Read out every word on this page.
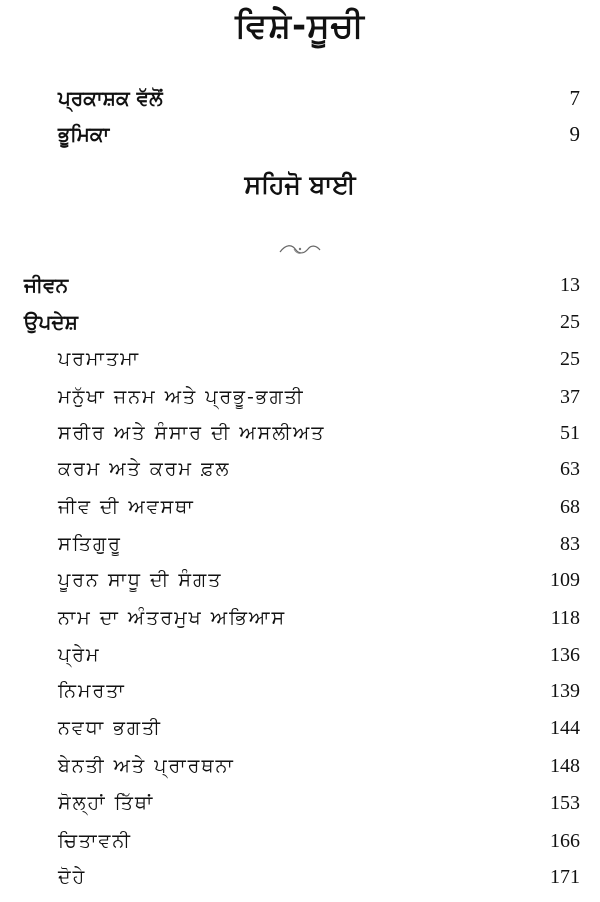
ਵਿਸ਼ੇ-ਸੂਚੀ
ਪ੍ਰਕਾਸ਼ਕ ਵੱਲੋਂ	7
ਭੂਮਿਕਾ	9
ਸਹਿਜੋ ਬਾਈ
ਜੀਵਨ	13
ਉਪਦੇਸ਼	25
ਪਰਮਾਤਮਾ	25
ਮਨੁੱਖਾ ਜਨਮ ਅਤੇ ਪ੍ਰਭੂ-ਭਗਤੀ	37
ਸਰੀਰ ਅਤੇ ਸੰਸਾਰ ਦੀ ਅਸਲੀਅਤ	51
ਕਰਮ ਅਤੇ ਕਰਮ ਫ਼ਲ	63
ਜੀਵ ਦੀ ਅਵਸਥਾ	68
ਸਤਿਗੁਰੂ	83
ਪੂਰਨ ਸਾਧੂ ਦੀ ਸੰਗਤ	109
ਨਾਮ ਦਾ ਅੰਤਰਮੁਖ ਅਭਿਆਸ	118
ਪ੍ਰੇਮ	136
ਨਿਮਰਤਾ	139
ਨਵਧਾ ਭਗਤੀ	144
ਬੇਨਤੀ ਅਤੇ ਪ੍ਰਾਰਥਨਾ	148
ਸੋਲ੍ਹਾਂ ਤਿੱਥਾਂ	153
ਚਿਤਾਵਨੀ	166
ਦੋਹੇ	171
